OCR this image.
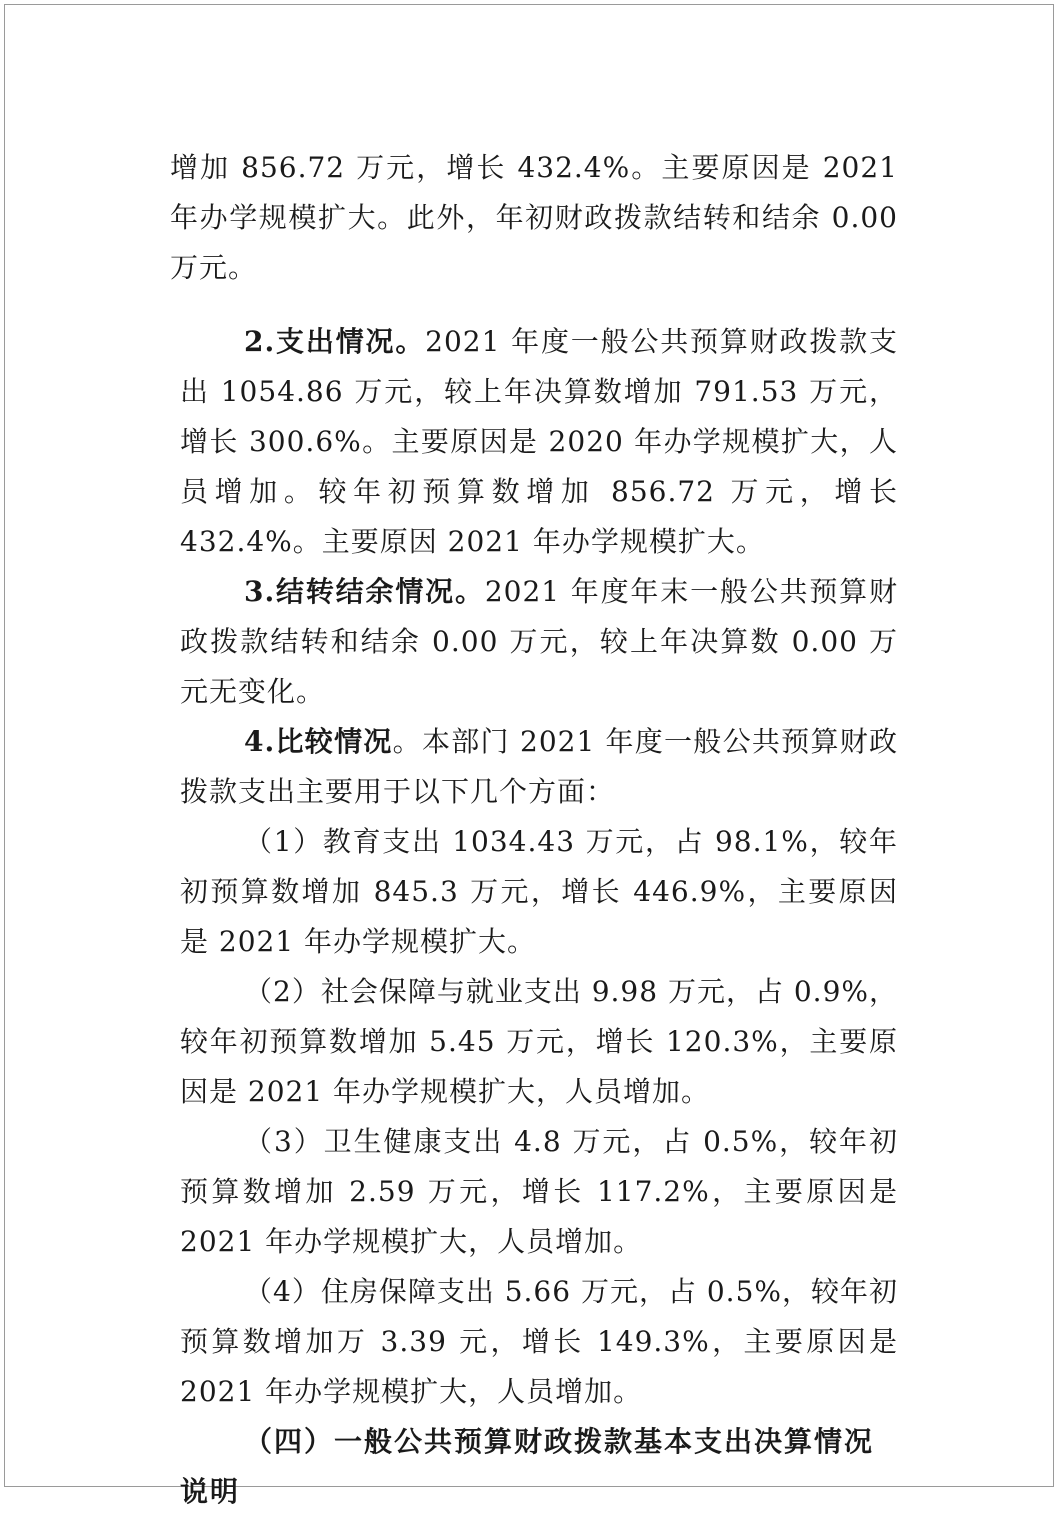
增加 856.72 万元，增长 432.4%。主要原因是 2021 年办学规模扩大。此外，年初财政拨款结转和结余 0.00 万元。

2.支出情况。2021 年度一般公共预算财政拨款支出 1054.86 万元，较上年决算数增加 791.53 万元，增长 300.6%。主要原因是 2020 年办学规模扩大，人员增加。较年初预算数增加 856.72 万元，增长 432.4%。主要原因 2021 年办学规模扩大。

3.结转结余情况。2021 年度年末一般公共预算财政拨款结转和结余 0.00 万元，较上年决算数 0.00 万元无变化。

4.比较情况。本部门 2021 年度一般公共预算财政拨款支出主要用于以下几个方面：

（1）教育支出 1034.43 万元，占 98.1%，较年初预算数增加 845.3 万元，增长 446.9%，主要原因是 2021 年办学规模扩大。

（2）社会保障与就业支出 9.98 万元，占 0.9%，较年初预算数增加 5.45 万元，增长 120.3%，主要原因是 2021 年办学规模扩大，人员增加。

（3）卫生健康支出 4.8 万元，占 0.5%，较年初预算数增加 2.59 万元，增长 117.2%，主要原因是 2021 年办学规模扩大，人员增加。

（4）住房保障支出 5.66 万元，占 0.5%，较年初预算数增加万 3.39 元，增长 149.3%，主要原因是 2021 年办学规模扩大，人员增加。

（四）一般公共预算财政拨款基本支出决算情况说明
